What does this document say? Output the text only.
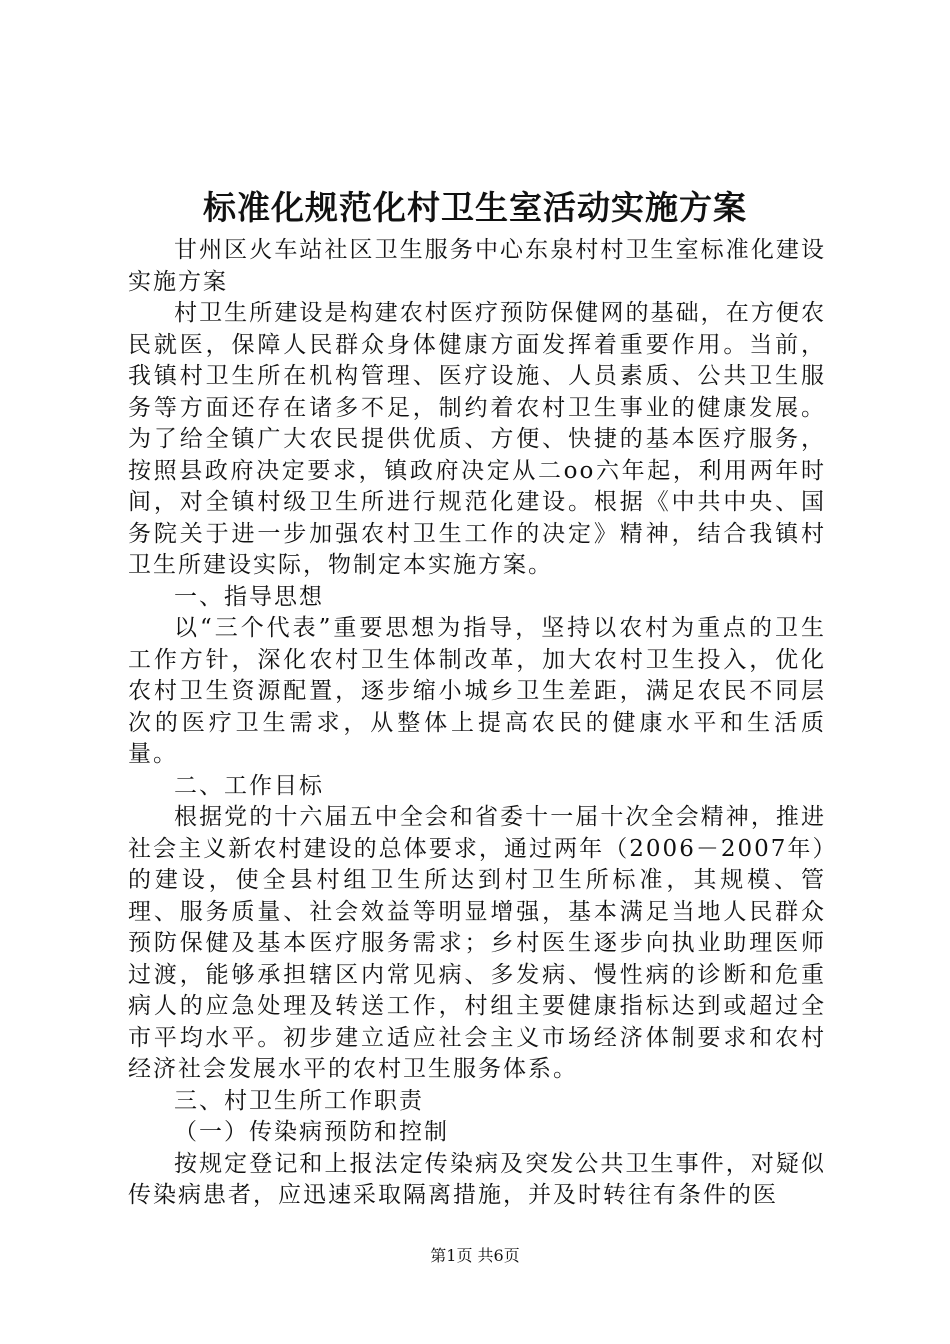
标准化规范化村卫生室活动实施方案

甘州区火车站社区卫生服务中心东泉村村卫生室标准化建设实施方案

村卫生所建设是构建农村医疗预防保健网的基础，在方便农民就医，保障人民群众身体健康方面发挥着重要作用。当前，我镇村卫生所在机构管理、医疗设施、人员素质、公共卫生服务等方面还存在诸多不足，制约着农村卫生事业的健康发展。为了给全镇广大农民提供优质、方便、快捷的基本医疗服务，按照县政府决定要求，镇政府决定从二oo六年起，利用两年时间，对全镇村级卫生所进行规范化建设。根据《中共中央、国务院关于进一步加强农村卫生工作的决定》精神，结合我镇村卫生所建设实际，物制定本实施方案。

一、指导思想

以“三个代表”重要思想为指导，坚持以农村为重点的卫生工作方针，深化农村卫生体制改革，加大农村卫生投入，优化农村卫生资源配置，逐步缩小城乡卫生差距，满足农民不同层次的医疗卫生需求，从整体上提高农民的健康水平和生活质量。

二、工作目标

根据党的十六届五中全会和省委十一届十次全会精神，推进社会主义新农村建设的总体要求，通过两年（2006－2007年）的建设，使全县村组卫生所达到村卫生所标准，其规模、管理、服务质量、社会效益等明显增强，基本满足当地人民群众预防保健及基本医疗服务需求；乡村医生逐步向执业助理医师过渡，能够承担辖区内常见病、多发病、慢性病的诊断和危重病人的应急处理及转送工作，村组主要健康指标达到或超过全市平均水平。初步建立适应社会主义市场经济体制要求和农村经济社会发展水平的农村卫生服务体系。

三、村卫生所工作职责

（一）传染病预防和控制

按规定登记和上报法定传染病及突发公共卫生事件，对疑似传染病患者，应迅速采取隔离措施，并及时转往有条件的医

第1页 共6页
